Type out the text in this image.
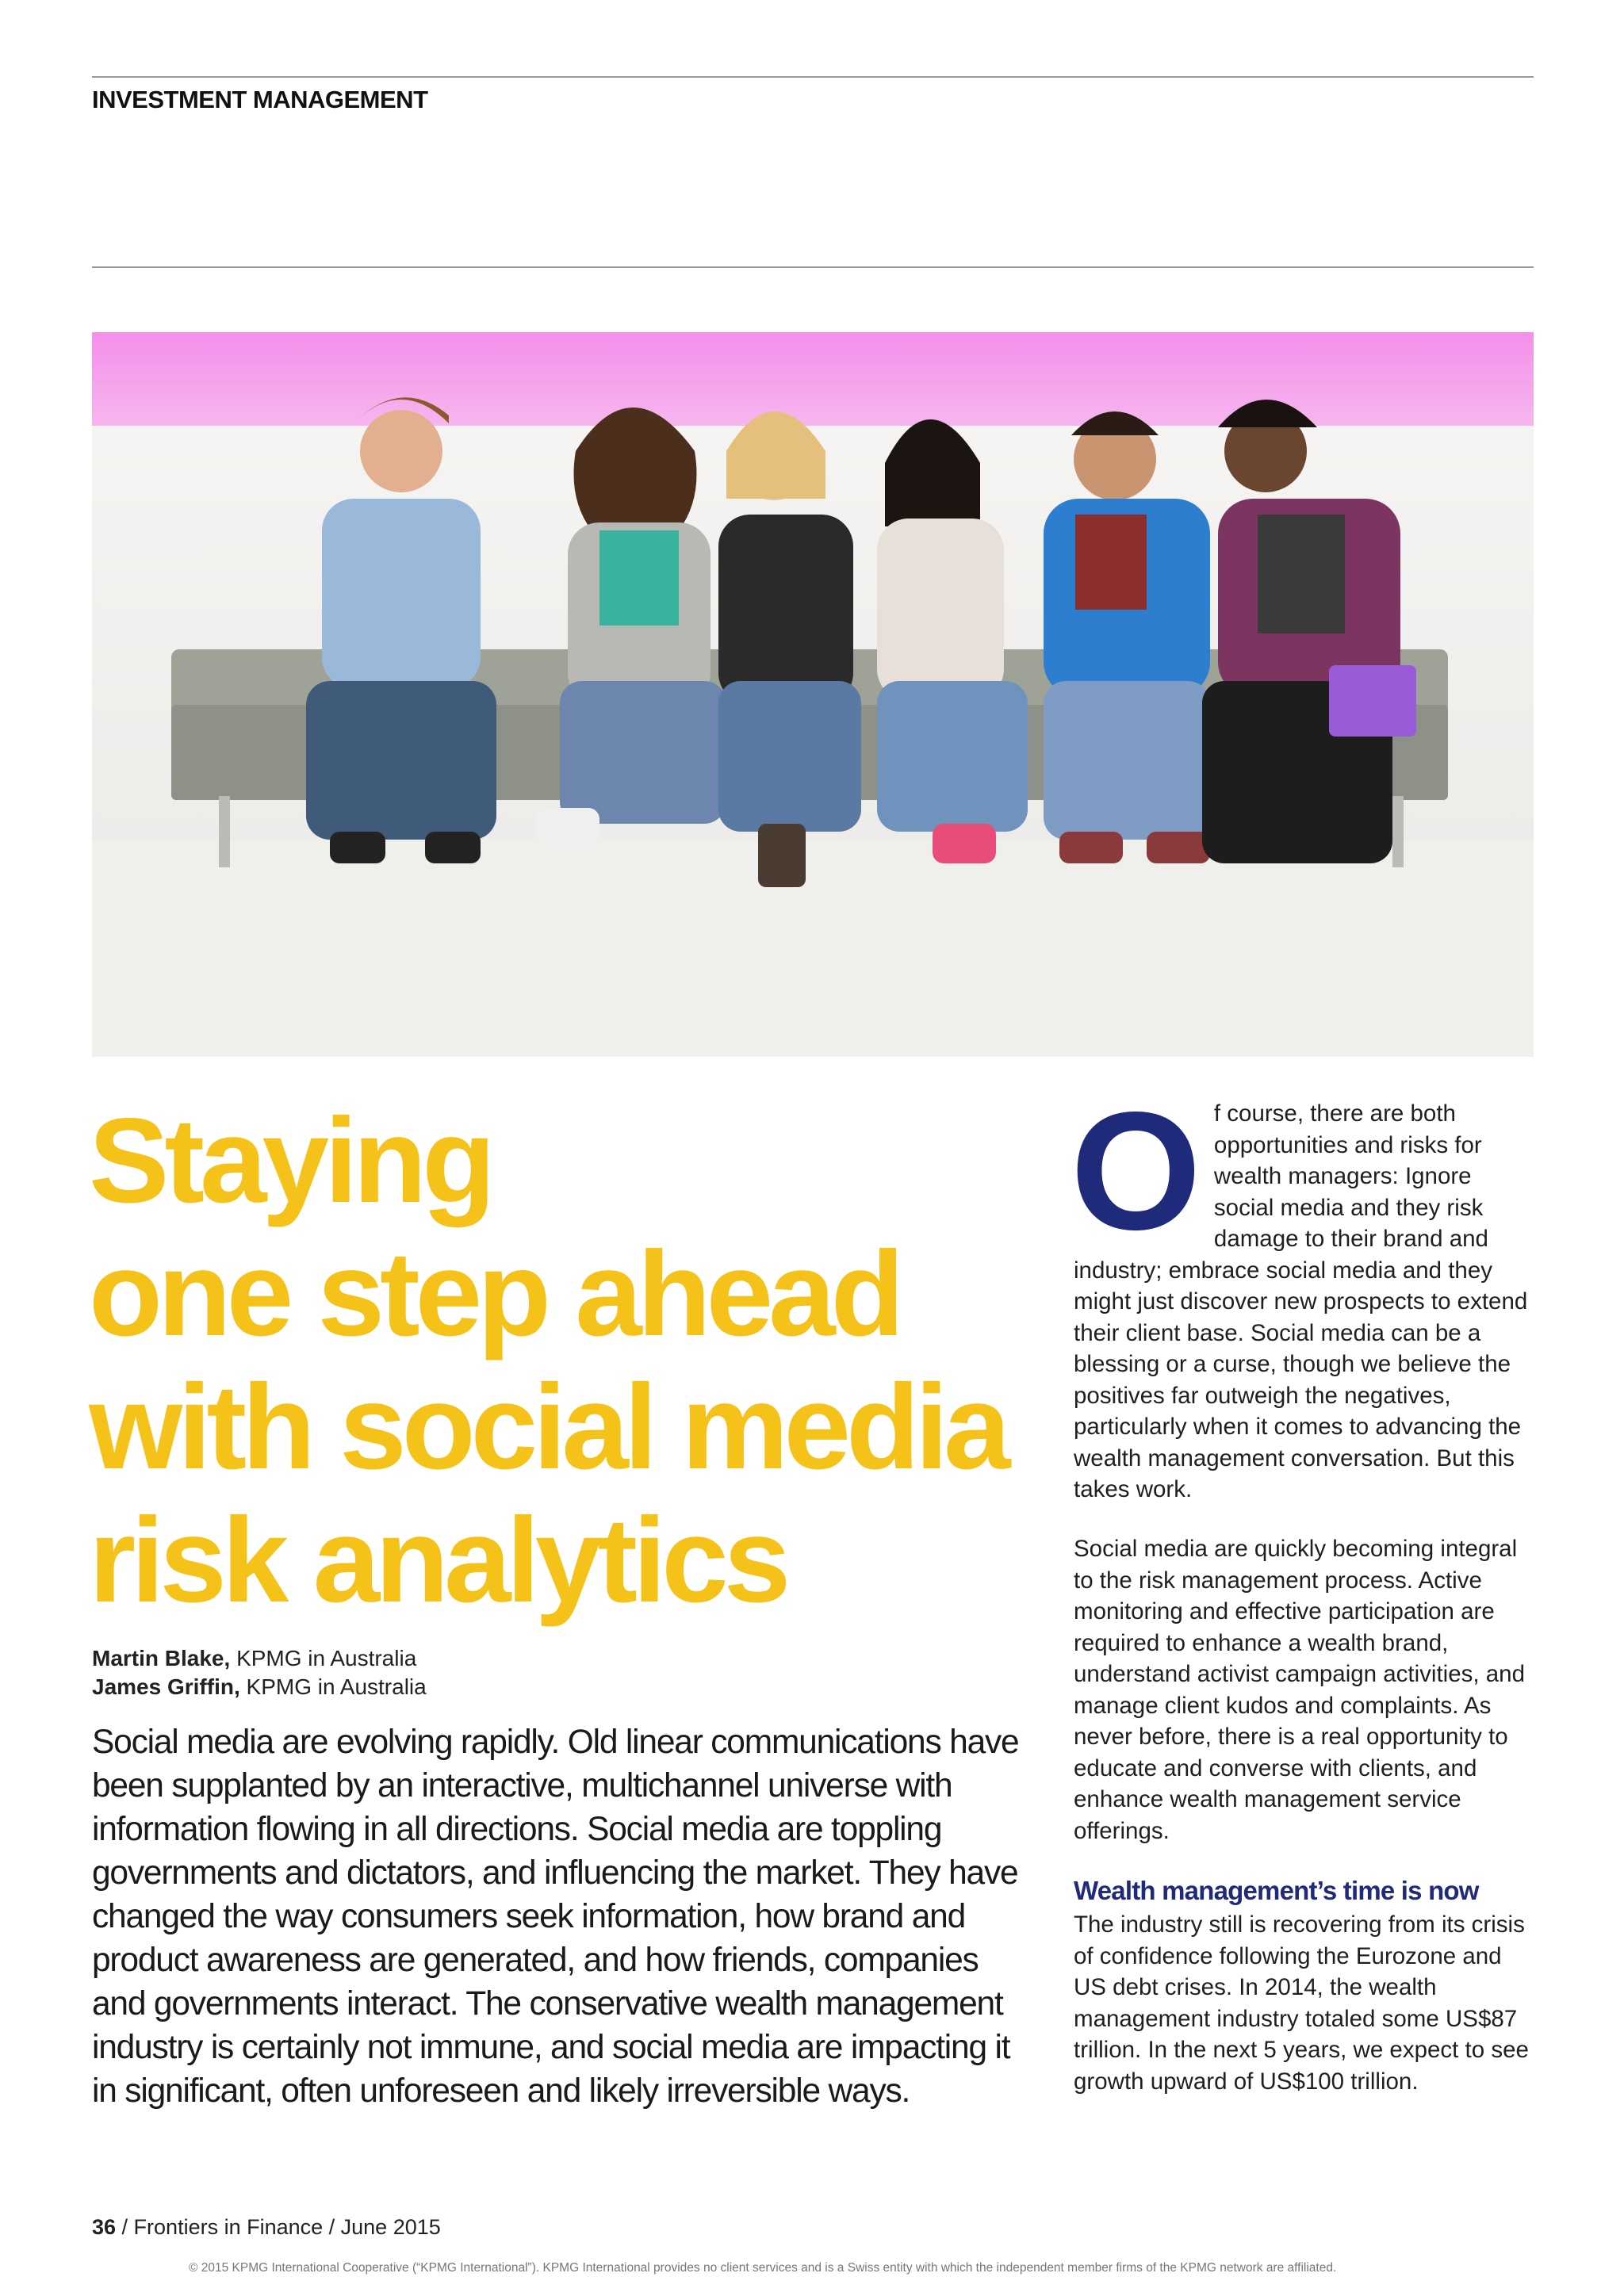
INVESTMENT MANAGEMENT
Staying
one step ahead
with social media
risk analytics
Martin Blake, KPMG in Australia
James Griffin, KPMG in Australia
Social media are evolving rapidly. Old linear communications have been supplanted by an interactive, multichannel universe with information flowing in all directions. Social media are toppling governments and dictators, and influencing the market. They have changed the way consumers seek information, how brand and product awareness are generated, and how friends, companies and governments interact. The conservative wealth management industry is certainly not immune, and social media are impacting it in significant, often unforeseen and likely irreversible ways.
O f course, there are both opportunities and risks for wealth managers: Ignore social media and they risk damage to their brand and industry; embrace social media and they might just discover new prospects to extend their client base. Social media can be a blessing or a curse, though we believe the positives far outweigh the negatives, particularly when it comes to advancing the wealth management conversation. But this takes work.

Social media are quickly becoming integral to the risk management process. Active monitoring and effective participation are required to enhance a wealth brand, understand activist campaign activities, and manage client kudos and complaints. As never before, there is a real opportunity to educate and converse with clients, and enhance wealth management service offerings.

Wealth management’s time is now

The industry still is recovering from its crisis of confidence following the Eurozone and US debt crises. In 2014, the wealth management industry totaled some US$87 trillion. In the next 5 years, we expect to see growth upward of US$100 trillion.

36 / Frontiers in Finance / June 2015
© 2015 KPMG International Cooperative (“KPMG International”). KPMG International provides no client services and is a Swiss entity with which the independent member firms of the KPMG network are affiliated.
